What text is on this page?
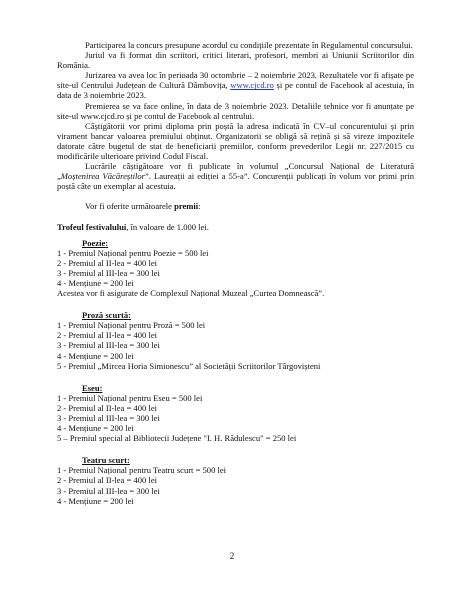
Participarea la concurs presupune acordul cu condițiile prezentate în Regulamentul concursului.

Juriul va fi format din scriitori, critici literari, profesori, membri ai Uniunii Scriitorilor din România.

Jurizarea va avea loc în perioada 30 octombrie – 2 noiembrie 2023. Rezultatele vor fi afișate pe site-ul Centrului Județean de Cultură Dâmbovița, www.cjcd.ro și pe contul de Facebook al acestuia, în data de 3 noiembrie 2023.

Premierea se va face online, în data de 3 noiembrie 2023. Detaliile tehnice vor fi anunțate pe site-ul www.cjcd.ro și pe contul de Facebook al centrului.

Câștigătorii vor primi diploma prin poștă la adresa indicată în CV–ul concurentului și prin virament bancar valoarea premiului obținut. Organizatorii se obligă să rețină și să vireze impozitele datorate către bugetul de stat de beneficiarii premiilor, conform prevederilor Legii nr. 227/2015 cu modificările ulterioare privind Codul Fiscal.

Lucrările câștigătoare vor fi publicate în volumul „Concursul Național de Literatură „Moștenirea Văcăreștilor”. Laureații ai ediției a 55-a”. Concurenții publicați în volum vor primi prin poștă câte un exemplar al acestuia.

Vor fi oferite următoarele premii:

Trofeul festivalului, în valoare de 1.000 lei.

Poezie:
1 - Premiul Național pentru Poezie = 500 lei
2 - Premiul al II-lea = 400 lei
3 - Premiul al III-lea = 300 lei
4 - Mențiune = 200 lei
Acestea vor fi asigurate de Complexul Național Muzeal „Curtea Domnească”.
Proză scurtă:
1 - Premiul Național pentru Proză = 500 lei
2 - Premiul al II-lea = 400 lei
3 - Premiul al III-lea = 300 lei
4 - Mențiune = 200 lei
5 - Premiul „Mircea Horia Simionescu” al Societății Scriitorilor Târgovișteni
Eseu:
1 - Premiul Național pentru Eseu = 500 lei
2 - Premiul al II-lea = 400 lei
3 - Premiul al III-lea = 300 lei
4 - Mențiune = 200 lei
5 – Premiul special al Bibliotecii Județene "I. H. Rădulescu" = 250 lei
Teatru scurt:
1 - Premiul Național pentru Teatru scurt = 500 lei
2 - Premiul al II-lea = 400 lei
3 - Premiul al III-lea = 300 lei
4 - Mențiune = 200 lei
2
